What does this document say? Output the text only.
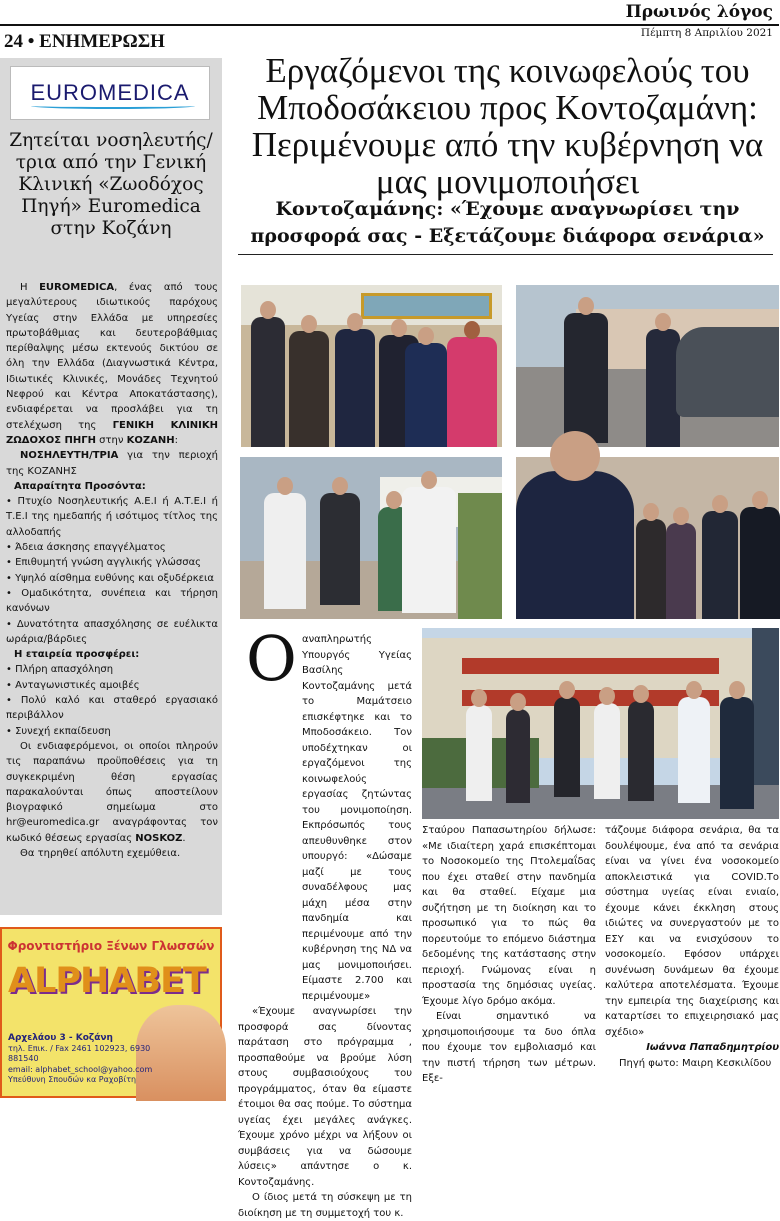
Πρωινός λόγος
Πέμπτη 8 Απριλίου 2021
24 • ΕΝΗΜΕΡΩΣΗ
EUROMEDICA
Ζητείται νοσηλευτής/τρια από την Γενική Κλινική «Ζωοδόχος Πηγή» Euromedica στην Κοζάνη

Η EUROMEDICA, ένας από τους μεγαλύτερους ιδιωτικούς παρόχους Υγείας στην Ελλάδα με υπηρεσίες πρωτοβάθμιας και δευτεροβάθμιας περίθαλψης μέσω εκτενούς δικτύου σε όλη την Ελλάδα (Διαγνωστικά Κέντρα, Ιδιωτικές Κλινικές, Μονάδες Τεχνητού Νεφρού και Κέντρα Αποκατάστασης), ενδιαφέρεται να προσλάβει για τη στελέχωση της ΓΕΝΙΚΗ ΚΛΙΝΙΚΗ ΖΩΔΟΧΟΣ ΠΗΓΗ στην ΚΟΖΑΝΗ:

ΝΟΣΗΛΕΥΤΗ/ΤΡΙΑ για την περιοχή της ΚΟΖΑΝΗΣ

Απαραίτητα Προσόντα:
• Πτυχίο Νοσηλευτικής Α.Ε.Ι ή Α.Τ.Ε.Ι ή Τ.Ε.Ι της ημεδαπής ή ισότιμος τίτλος της αλλοδαπής
• Άδεια άσκησης επαγγέλματος
• Επιθυμητή γνώση αγγλικής γλώσσας
• Υψηλό αίσθημα ευθύνης και οξυδέρκεια
• Ομαδικότητα, συνέπεια και τήρηση κανόνων
• Δυνατότητα απασχόλησης σε ευέλικτα ωράρια/βάρδιες
Η εταιρεία προσφέρει:
• Πλήρη απασχόληση
• Ανταγωνιστικές αμοιβές
• Πολύ καλό και σταθερό εργασιακό περιβάλλον
• Συνεχή εκπαίδευση

Οι ενδιαφερόμενοι, οι οποίοι πληρούν τις παραπάνω προϋποθέσεις για τη συγκεκριμένη θέση εργασίας παρακαλούνται όπως αποστείλουν βιογραφικό σημείωμα στο hr@euromedica.gr αναγράφοντας τον κωδικό θέσεως εργασίας NOSKOZ.

Θα τηρηθεί απόλυτη εχεμύθεια.

Φροντιστήριο Ξένων Γλωσσών
ALPHABET
Αρχελάου 3 - Κοζάνη
τηλ. Επικ. / Fax 2461 102923, 6930 881540
email: alphabet_school@yahoo.com
Υπεύθυνη Σπουδών κα Ραχοβίτη
Εργαζόμενοι της κοινωφελούς του Μποδοσάκειου προς Κοντοζαμάνη: Περιμένουμε από την κυβέρνηση να μας μονιμοποιήσει
Κοντοζαμάνης: «Έχουμε αναγνωρίσει την προσφορά σας - Εξετάζουμε διάφορα σενάρια»
Ο αναπληρωτής Υπουργός Υγείας Βασίλης Κοντοζαμάνης μετά το Μαμάτσειο επισκέφτηκε και το Μποδοσάκειο. Τον υποδέχτηκαν οι εργαζόμενοι της κοινωφελούς εργασίας ζητώντας του μονιμοποίηση. Εκπρόσωπός τους απευθυνθηκε στον υπουργό: «Δώσαμε μαζί με τους συναδέλφους μας μάχη μέσα στην πανδημία και περιμένουμε από την κυβέρνηση της ΝΔ να μας μονιμοποιήσει. Είμαστε 2.700 και περιμένουμε»

«Έχουμε αναγνωρίσει την προσφορά σας δίνοντας παράταση στο πρόγραμμα , προσπαθούμε να βρούμε λύση στους συμβασιούχους του προγράμματος, όταν θα είμαστε έτοιμοι θα σας πούμε. Το σύστημα υγείας έχει μεγάλες ανάγκες. Έχουμε χρόνο μέχρι να λήξουν οι συμβάσεις για να δώσουμε λύσεις» απάντησε ο κ. Κοντοζαμάνης.

Ο ίδιος μετά τη σύσκεψη με τη διοίκηση με τη συμμετοχή του κ.

Σταύρου Παπασωτηρίου δήλωσε: «Με ιδιαίτερη χαρά επισκέπτομαι το Νοσοκομείο της Πτολεμαΐδας που έχει σταθεί στην πανδημία και θα σταθεί. Είχαμε μια συζήτηση με τη διοίκηση και το προσωπικό για το πώς θα πορευτούμε το επόμενο διάστημα δεδομένης της κατάστασης στην περιοχή. Γνώμονας είναι η προστασία της δημόσιας υγείας. Έχουμε λίγο δρόμο ακόμα.

Είναι σημαντικό να χρησιμοποιήσουμε τα δυο όπλα που έχουμε τον εμβολιασμό και την πιστή τήρηση των μέτρων. Εξε-

τάζουμε διάφορα σενάρια, θα τα δουλέψουμε, ένα από τα σενάρια είναι να γίνει ένα νοσοκομείο αποκλειστικά για COVID.Το σύστημα υγείας είναι ενιαίο, έχουμε κάνει έκκληση στους ιδιώτες να συνεργαστούν με το ΕΣΥ και να ενισχύσουν το νοσοκομείο. Εφόσον υπάρχει συνένωση δυνάμεων θα έχουμε καλύτερα αποτελέσματα. Έχουμε την εμπειρία της διαχείρισης και καταρτίσει το επιχειρησιακό μας σχέδιο»

Ιωάννα Παπαδημητρίου

Πηγή φωτο: Μαιρη Κεσκιλίδου
